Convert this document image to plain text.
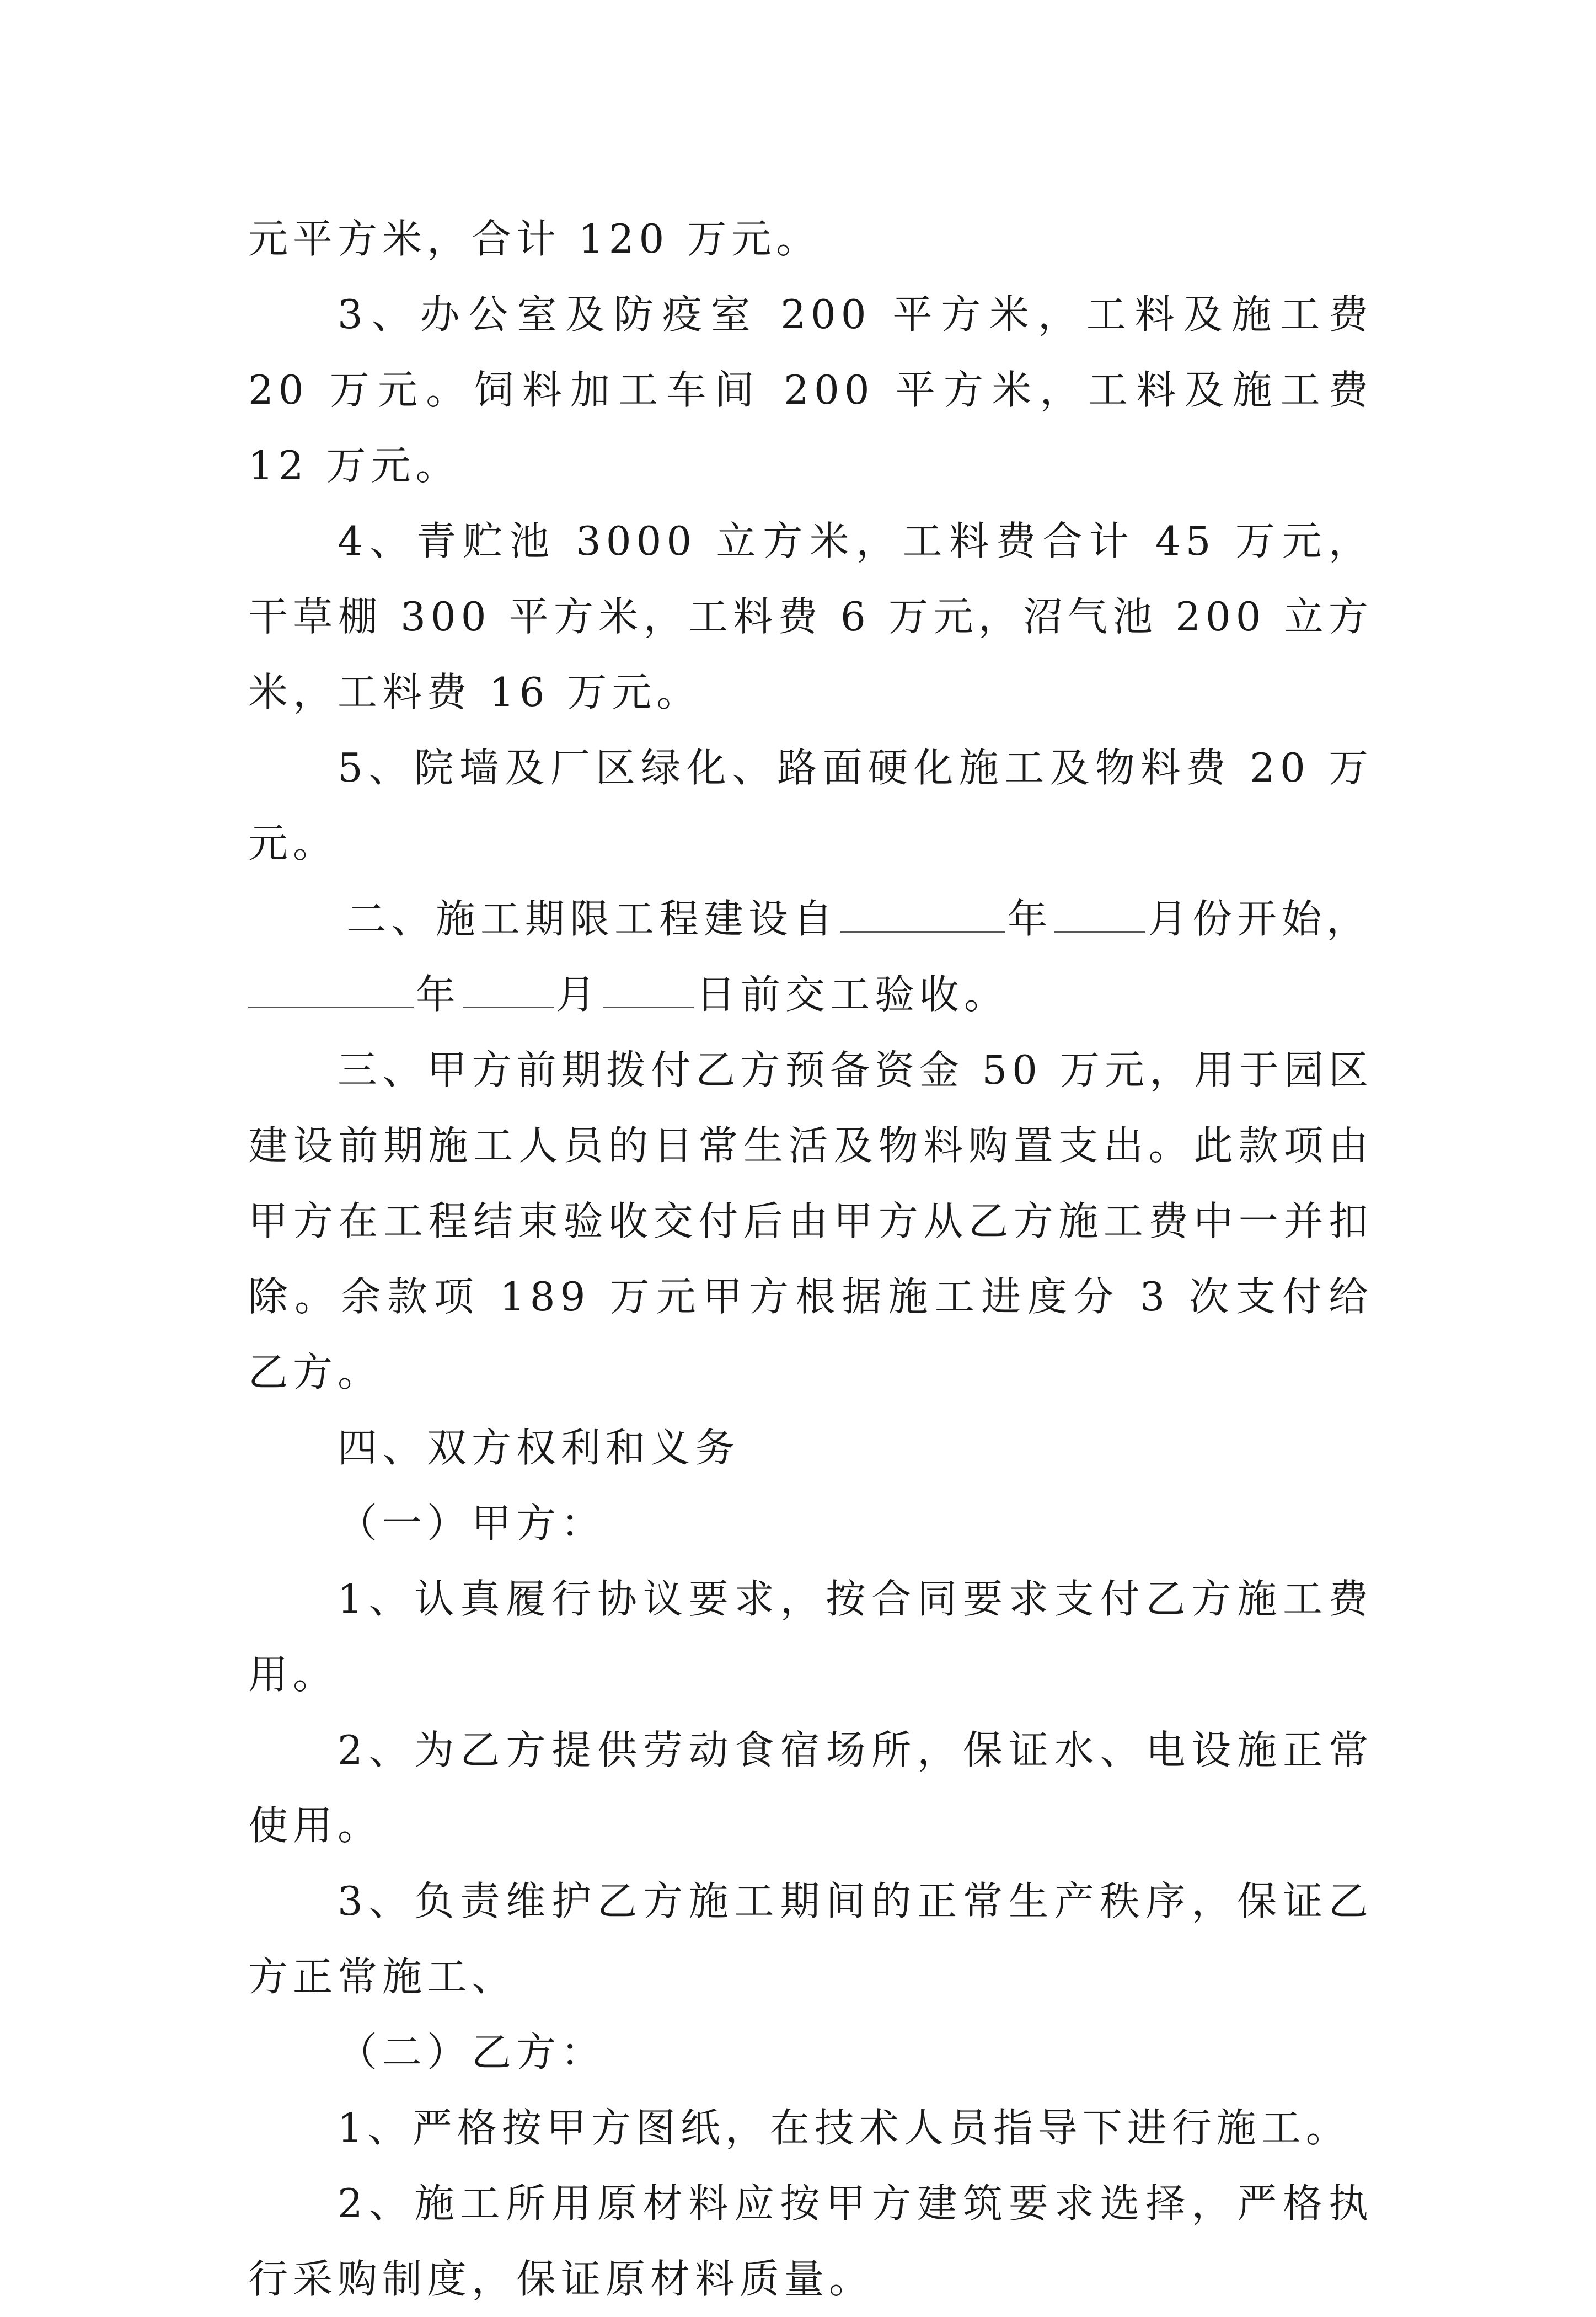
元平方米，合计 120 万元。

3、办公室及防疫室 200 平方米，工料及施工费 20 万元。饲料加工车间 200 平方米，工料及施工费 12 万元。

4、青贮池 3000 立方米，工料费合计 45 万元，干草棚 300 平方米，工料费 6 万元，沼气池 200 立方米，工料费 16 万元。

5、院墙及厂区绿化、路面硬化施工及物料费 20 万元。

二、施工期限工程建设自	年 月份开始，
年 月 日前交工验收。

三、甲方前期拨付乙方预备资金 50 万元，用于园区建设前期施工人员的日常生活及物料购置支出。此款项由甲方在工程结束验收交付后由甲方从乙方施工费中一并扣除。余款项 189 万元甲方根据施工进度分 3 次支付给乙方。

四、双方权利和义务

（一）甲方：

1、认真履行协议要求，按合同要求支付乙方施工费用。

2、为乙方提供劳动食宿场所，保证水、电设施正常使用。

3、负责维护乙方施工期间的正常生产秩序，保证乙方正常施工、

（二）乙方：

1、严格按甲方图纸，在技术人员指导下进行施工。

2、施工所用原材料应按甲方建筑要求选择，严格执行采购制度，保证原材料质量。
